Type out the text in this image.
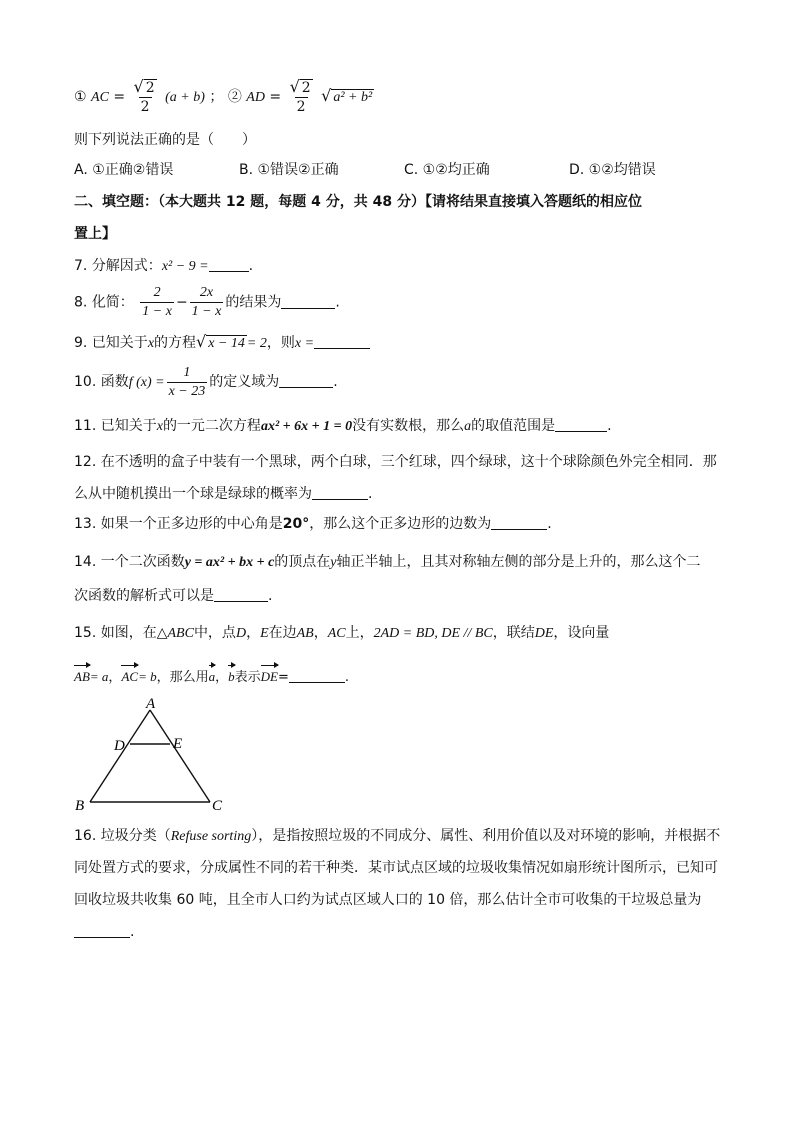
① AC = $\frac{√ 2}{2} (a + b)$ ； ② AD = $\frac{√ 2}{2}$ √ a² + b²
则下列说法正确的是（　　）
A. ①正确②错误	B. ①错误②正确	C. ①②均正确	D. ①②均错误
二、填空题：（本大题共 12 题，每题 4 分，共 48 分）【请将结果直接填入答题纸的相应位
置上】
7. 分解因式：x² − 9 =	.
8. 化简： $\frac{2}{1 - x} - \frac{2x}{1 - x}$ 的结果为	.
9. 已知关于x的方程√ x − 14 = 2，则x =
10. 函数f $(x) = \frac{1}{x - 23}$ 的定义域为	.
11. 已知关于x的一元二次方程ax² + 6x + 1 = 0没有实数根，那么a的取值范围是	.
12. 在不透明的盒子中装有一个黑球，两个白球，三个红球，四个绿球，这十个球除颜色外完全相同．那
么从中随机摸出一个球是绿球的概率为	.
13. 如果一个正多边形的中心角是20°，那么这个正多边形的边数为	.
14. 一个二次函数y = ax² + bx + c的顶点在y轴正半轴上，且其对称轴左侧的部分是上升的，那么这个二
次函数的解析式可以是	.
15. 如图，在△ABC中，点D，E在边AB，AC上，2AD = BD, DE // BC，联结DE，设向量
AB= a，AC= b，那么用a，b表示DE=	.
A
D	E
B	C
16. 垃圾分类（Refuse sorting），是指按照垃圾的不同成分、属性、利用价值以及对环境的影响，并根据不
同处置方式的要求，分成属性不同的若干种类．某市试点区域的垃圾收集情况如扇形统计图所示，已知可
回收垃圾共收集 60 吨，且全市人口约为试点区域人口的 10 倍，那么估计全市可收集的干垃圾总量为
.
